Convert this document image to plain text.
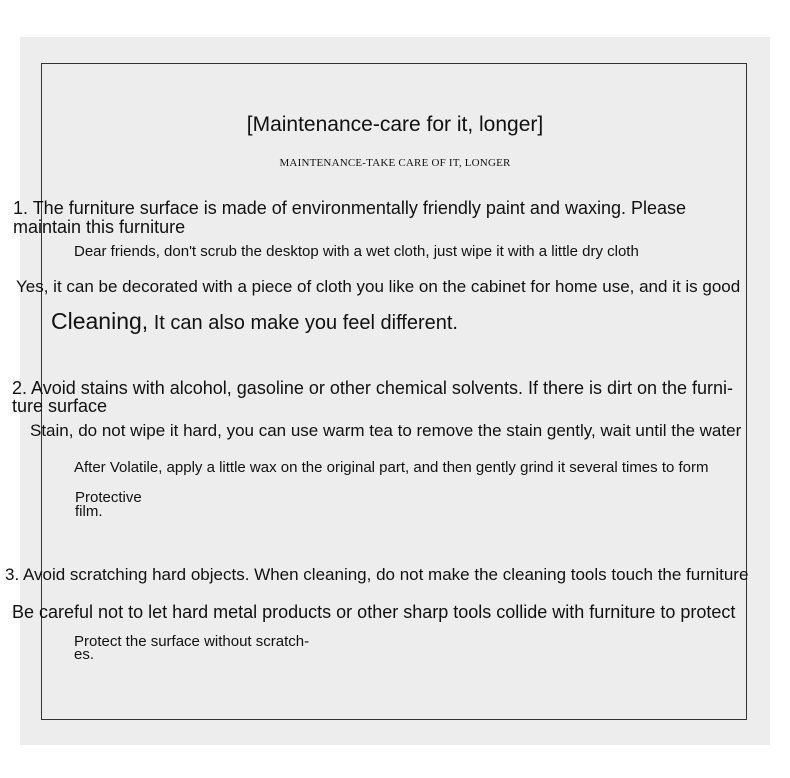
[Maintenance-care for it, longer]
MAINTENANCE-TAKE CARE OF IT, LONGER
1. The furniture surface is made of environmentally friendly paint and waxing. Please
maintain this furniture
Dear friends, don't scrub the desktop with a wet cloth, just wipe it with a little dry cloth
Yes, it can be decorated with a piece of cloth you like on the cabinet for home use, and it is good
Cleaning, It can also make you feel different.
2. Avoid stains with alcohol, gasoline or other chemical solvents. If there is dirt on the furni-
ture surface
Stain, do not wipe it hard, you can use warm tea to remove the stain gently, wait until the water
After Volatile, apply a little wax on the original part, and then gently grind it several times to form
Protective
film.
3. Avoid scratching hard objects. When cleaning, do not make the cleaning tools touch the furniture
Be careful not to let hard metal products or other sharp tools collide with furniture to protect
Protect the surface without scratch-
es.
